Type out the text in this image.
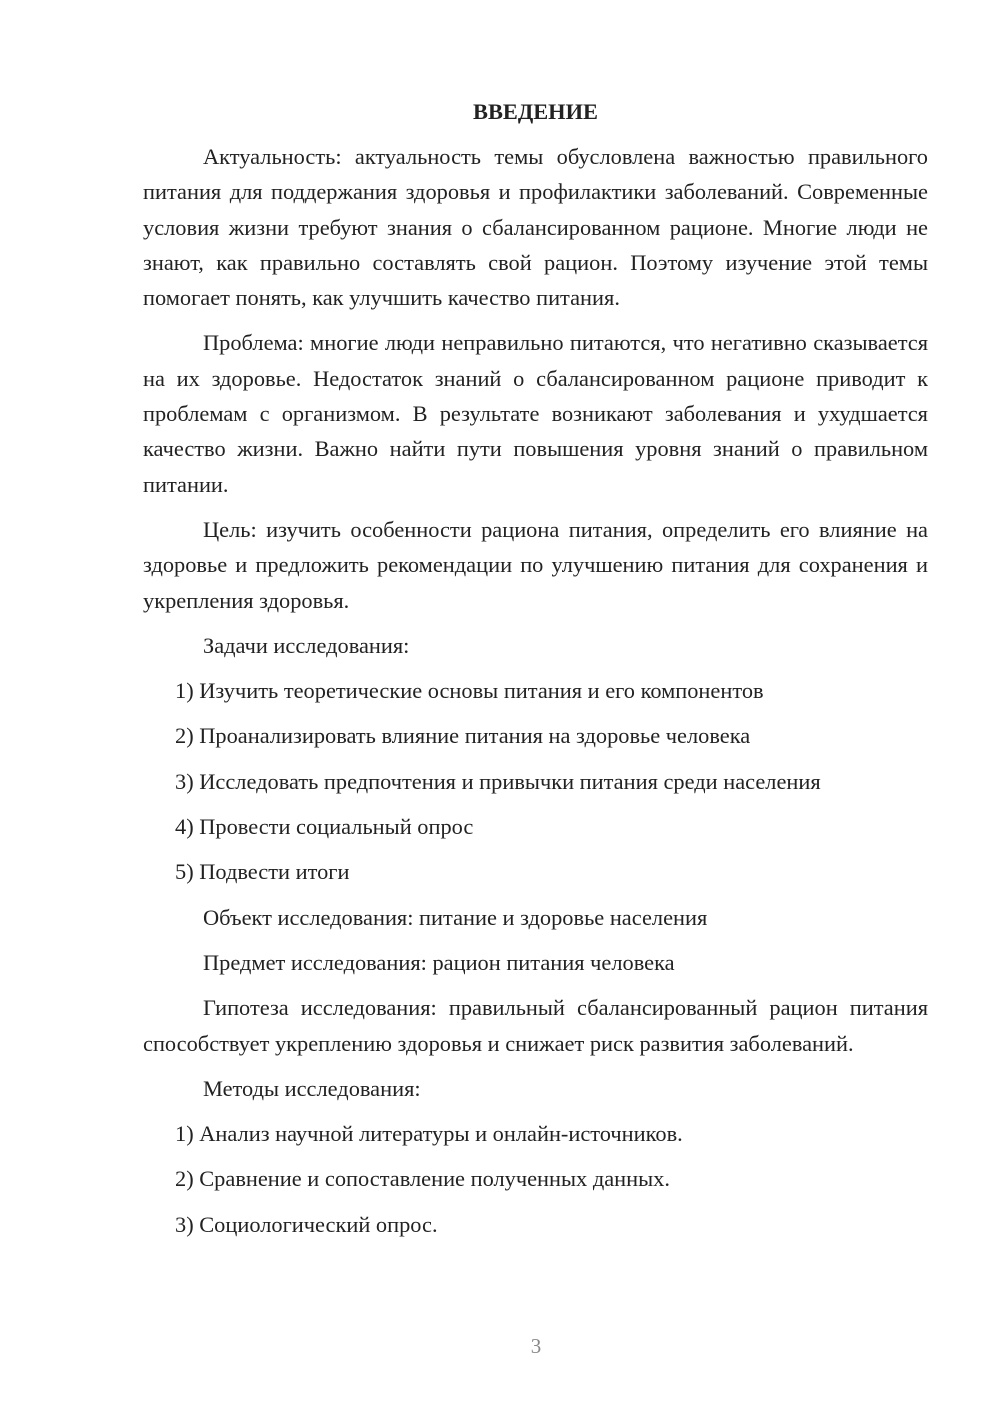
ВВЕДЕНИЕ
Актуальность: актуальность темы обусловлена важностью правильного питания для поддержания здоровья и профилактики заболеваний. Современные условия жизни требуют знания о сбалансированном рационе. Многие люди не знают, как правильно составлять свой рацион. Поэтому изучение этой темы помогает понять, как улучшить качество питания.
Проблема: многие люди неправильно питаются, что негативно сказывается на их здоровье. Недостаток знаний о сбалансированном рационе приводит к проблемам с организмом. В результате возникают заболевания и ухудшается качество жизни. Важно найти пути повышения уровня знаний о правильном питании.
Цель: изучить особенности рациона питания, определить его влияние на здоровье и предложить рекомендации по улучшению питания для сохранения и укрепления здоровья.
Задачи исследования:
1) Изучить теоретические основы питания и его компонентов
2) Проанализировать влияние питания на здоровье человека
3) Исследовать предпочтения и привычки питания среди населения
4) Провести социальный опрос
5) Подвести итоги
Объект исследования: питание и здоровье населения
Предмет исследования: рацион питания человека
Гипотеза исследования: правильный сбалансированный рацион питания способствует укреплению здоровья и снижает риск развития заболеваний.
Методы исследования:
1) Анализ научной литературы и онлайн-источников.
2) Сравнение и сопоставление полученных данных.
3) Социологический опрос.
3
